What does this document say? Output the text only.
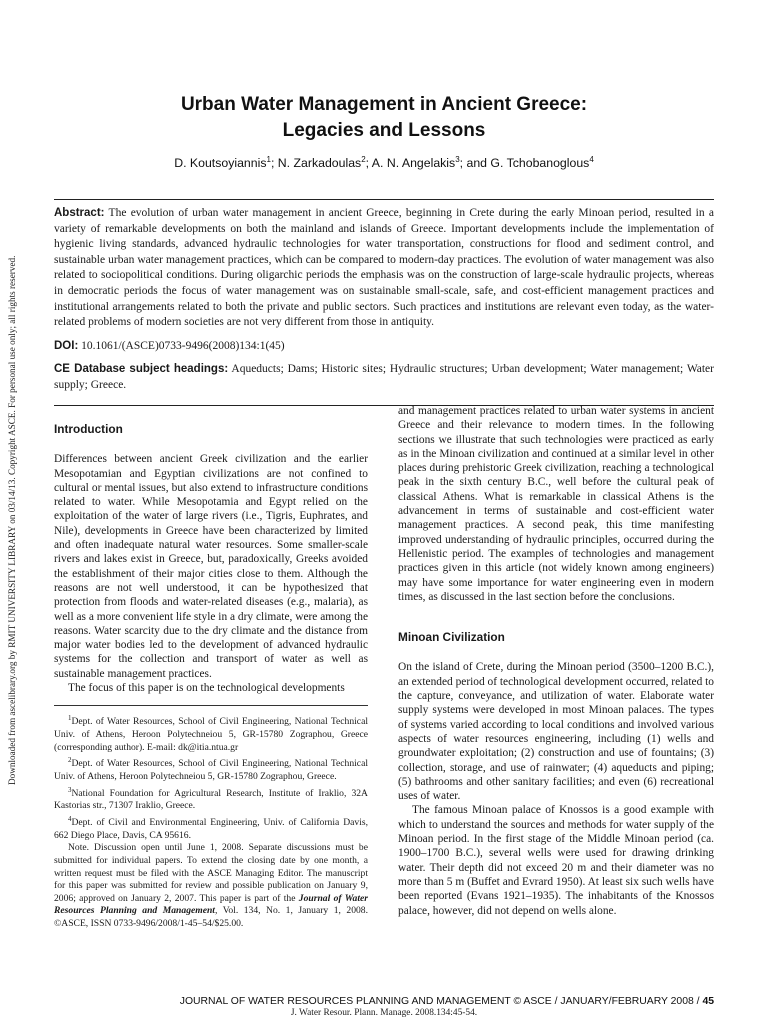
Downloaded from ascelibrary.org by RMIT UNIVERSITY LIBRARY on 03/14/13. Copyright ASCE. For personal use only; all rights reserved.
Urban Water Management in Ancient Greece:
Legacies and Lessons
D. Koutsoyiannis$^1$; N. Zarkadoulas$^2$; A. N. Angelakis$^3$; and G. Tchobanoglous$^4$
Abstract: The evolution of urban water management in ancient Greece, beginning in Crete during the early Minoan period, resulted in a variety of remarkable developments on both the mainland and islands of Greece. Important developments include the implementation of hygienic living standards, advanced hydraulic technologies for water transportation, constructions for flood and sediment control, and sustainable urban water management practices, which can be compared to modern-day practices. The evolution of water management was also related to sociopolitical conditions. During oligarchic periods the emphasis was on the construction of large-scale hydraulic projects, whereas in democratic periods the focus of water management was on sustainable small-scale, safe, and cost-efficient management practices and institutional arrangements related to both the private and public sectors. Such practices and institutions are relevant even today, as the water-related problems of modern societies are not very different from those in antiquity.
DOI: 10.1061/(ASCE)0733-9496(2008)134:1(45)
CE Database subject headings: Aqueducts; Dams; Historic sites; Hydraulic structures; Urban development; Water management; Water supply; Greece.
Introduction

Differences between ancient Greek civilization and the earlier Mesopotamian and Egyptian civilizations are not confined to cultural or mental issues, but also extend to infrastructure conditions related to water. While Mesopotamia and Egypt relied on the exploitation of the water of large rivers (i.e., Tigris, Euphrates, and Nile), developments in Greece have been characterized by limited and often inadequate natural water resources. Some smaller-scale rivers and lakes exist in Greece, but, paradoxically, Greeks avoided the establishment of their major cities close to them. Although the reasons are not well understood, it can be hypothesized that protection from floods and water-related diseases (e.g., malaria), as well as a more convenient life style in a dry climate, were among the reasons. Water scarcity due to the dry climate and the distance from major water bodies led to the development of advanced hydraulic systems for the collection and transport of water as well as sustainable management practices.

The focus of this paper is on the technological developments

$^1$Dept. of Water Resources, School of Civil Engineering, National Technical Univ. of Athens, Heroon Polytechneiou 5, GR-15780 Zographou, Greece (corresponding author). E-mail: dk@itia.ntua.gr

$^2$Dept. of Water Resources, School of Civil Engineering, National Technical Univ. of Athens, Heroon Polytechneiou 5, GR-15780 Zographou, Greece.

$^3$National Foundation for Agricultural Research, Institute of Iraklio, 32A Kastorias str., 71307 Iraklio, Greece.

$^4$Dept. of Civil and Environmental Engineering, Univ. of California Davis, 662 Diego Place, Davis, CA 95616.

Note. Discussion open until June 1, 2008. Separate discussions must be submitted for individual papers. To extend the closing date by one month, a written request must be filed with the ASCE Managing Editor. The manuscript for this paper was submitted for review and possible publication on January 9, 2006; approved on January 2, 2007. This paper is part of the Journal of Water Resources Planning and Management, Vol. 134, No. 1, January 1, 2008. ©ASCE, ISSN 0733-9496/2008/1-45–54/$25.00.

and management practices related to urban water systems in ancient Greece and their relevance to modern times. In the following sections we illustrate that such technologies were practiced as early as in the Minoan civilization and continued at a similar level in other places during prehistoric Greek civilization, reaching a technological peak in the sixth century B.C., well before the cultural peak of classical Athens. What is remarkable in classical Athens is the advancement in terms of sustainable and cost-efficient water management practices. A second peak, this time manifesting improved understanding of hydraulic principles, occurred during the Hellenistic period. The examples of technologies and management practices given in this article (not widely known among engineers) may have some importance for water engineering even in modern times, as discussed in the last section before the conclusions.

Minoan Civilization

On the island of Crete, during the Minoan period (3500–1200 B.C.), an extended period of technological development occurred, related to the capture, conveyance, and utilization of water. Elaborate water supply systems were developed in most Minoan palaces. The types of systems varied according to local conditions and involved various aspects of water resources engineering, including (1) wells and groundwater exploitation; (2) construction and use of fountains; (3) collection, storage, and use of rainwater; (4) aqueducts and piping; (5) bathrooms and other sanitary facilities; and even (6) recreational uses of water.

The famous Minoan palace of Knossos is a good example with which to understand the sources and methods for water supply of the Minoan period. In the first stage of the Middle Minoan period (ca. 1900–1700 B.C.), several wells were used for drawing drinking water. Their depth did not exceed 20 m and their diameter was no more than 5 m (Buffet and Evrard 1950). At least six such wells have been reported (Evans 1921–1935). The inhabitants of the Knossos palace, however, did not depend on wells alone.

JOURNAL OF WATER RESOURCES PLANNING AND MANAGEMENT © ASCE / JANUARY/FEBRUARY 2008 / 45
J. Water Resour. Plann. Manage. 2008.134:45-54.
